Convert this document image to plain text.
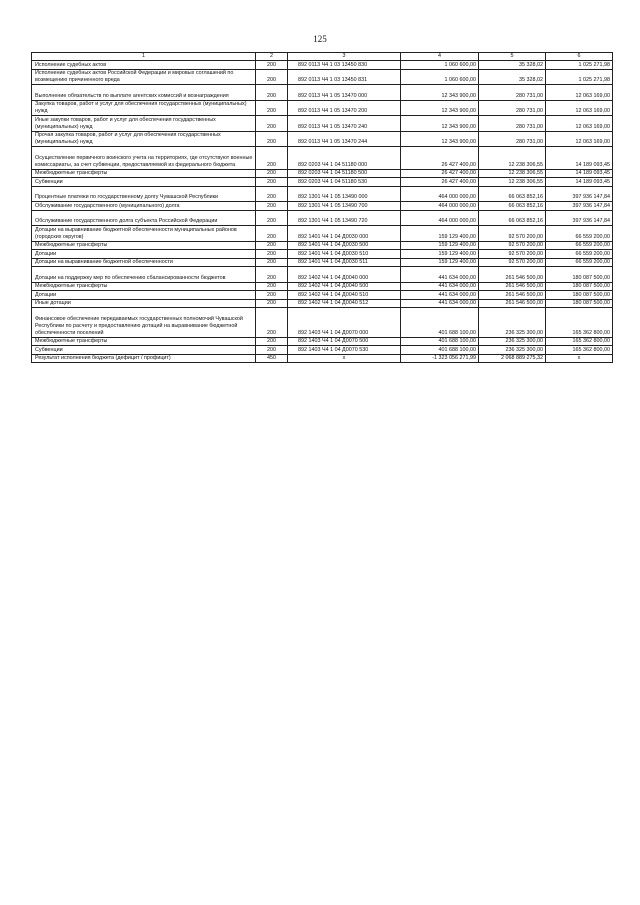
125
1	2	3	4	5	6
Исполнение судебных актов	200	892 0113 Ч4 1 03 13450 830	1 060 600,00	35 328,02	1 025 271,98
Исполнение судебных актов Российской Федерации и мировых соглашений по возмещению причиненного вреда	200	892 0113 Ч4 1 03 13450 831	1 060 600,00	35 328,02	1 025 271,98
Выполнение обязательств по выплате агентских комиссий и вознаграждения	200	892 0113 Ч4 1 05 13470 000	12 343 900,00	280 731,00	12 063 169,00
Закупка товаров, работ и услуг для обеспечения государственных (муниципальных) нужд	200	892 0113 Ч4 1 05 13470 200	12 343 900,00	280 731,00	12 063 169,00
Иные закупки товаров, работ и услуг для обеспечения государственных (муниципальных) нужд	200	892 0113 Ч4 1 05 13470 240	12 343 900,00	280 731,00	12 063 169,00
Прочая закупка товаров, работ и услуг для обеспечения государственных (муниципальных) нужд	200	892 0113 Ч4 1 05 13470 244	12 343 900,00	280 731,00	12 063 169,00
Осуществление первичного воинского учета на территориях, где отсутствуют военные комиссариаты, за счет субвенции, предоставляемой из федерального бюджета	200	892 0203 Ч4 1 04 51180 000	26 427 400,00	12 238 306,55	14 189 093,45
Межбюджетные трансферты	200	892 0203 Ч4 1 04 51180 500	26 427 400,00	12 238 306,55	14 189 093,45
Субвенции	200	892 0203 Ч4 1 04 51180 530	26 427 400,00	12 238 306,55	14 189 093,45
Процентные платежи по государственному долгу Чувашской Республики	200	892 1301 Ч4 1 05 13490 000	464 000 000,00	66 063 852,16	397 936 147,84
Обслуживание государственного (муниципального) долга	200	892 1301 Ч4 1 05 13490 700	464 000 000,00	66 063 852,16	397 936 147,84
Обслуживание государственного долга субъекта Российской Федерации	200	892 1301 Ч4 1 05 13490 720	464 000 000,00	66 063 852,16	397 936 147,84
Дотации на выравнивание бюджетной обеспеченности муниципальных районов (городских округов)	200	892 1401 Ч4 1 04 Д0030 000	159 129 400,00	92 570 200,00	66 559 200,00
Межбюджетные трансферты	200	892 1401 Ч4 1 04 Д0030 500	159 129 400,00	92 570 200,00	66 559 200,00
Дотации	200	892 1401 Ч4 1 04 Д0030 510	159 129 400,00	92 570 200,00	66 559 200,00
Дотации на выравнивание бюджетной обеспеченности	200	892 1401 Ч4 1 04 Д0030 511	159 129 400,00	92 570 200,00	66 559 200,00
Дотации на поддержку мер по обеспечению сбалансированности бюджетов	200	892 1402 Ч4 1 04 Д0040 000	441 634 000,00	261 546 500,00	180 087 500,00
Межбюджетные трансферты	200	892 1402 Ч4 1 04 Д0040 500	441 634 000,00	261 546 500,00	180 087 500,00
Дотации	200	892 1402 Ч4 1 04 Д0040 510	441 634 000,00	261 546 500,00	180 087 500,00
Иные дотации	200	892 1402 Ч4 1 04 Д0040 512	441 634 000,00	261 546 500,00	180 087 500,00
Финансовое обеспечение передаваемых государственных полномочий Чувашской Республики по расчету и предоставлению дотаций на выравнивание бюджетной обеспеченности поселений	200	892 1403 Ч4 1 04 Д0070 000	401 688 100,00	236 325 300,00	165 362 800,00
Межбюджетные трансферты	200	892 1403 Ч4 1 04 Д0070 500	401 688 100,00	236 325 300,00	165 362 800,00
Субвенции	200	892 1403 Ч4 1 04 Д0070 530	401 688 100,00	236 325 300,00	165 362 800,00
Результат исполнения бюджета (дефицит / профицит)	450	x	-1 323 056 271,99	2 068 889 275,32	x
